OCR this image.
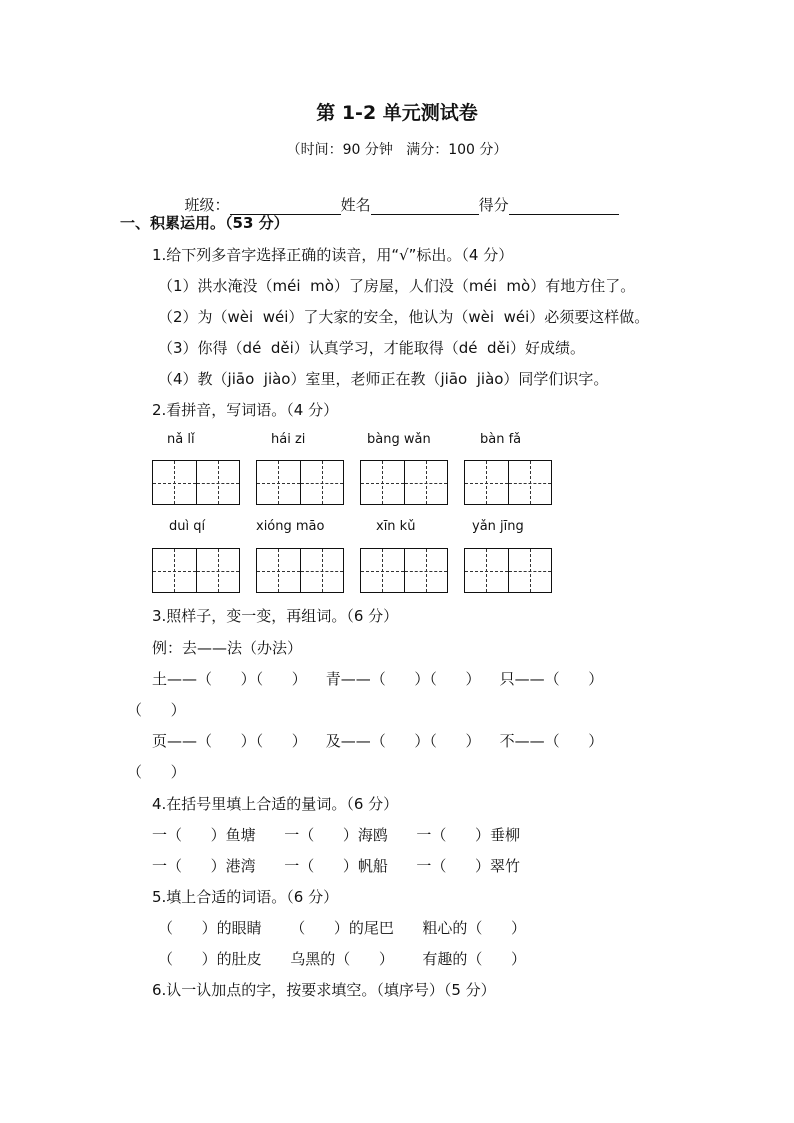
第 1-2 单元测试卷
（时间：90 分钟   满分：100 分）

班级：	姓名	得分

一、积累运用。（53 分）
1.给下列多音字选择正确的读音，用“√”标出。（4 分）
（1）洪水淹没（méi  mò）了房屋，人们没（méi  mò）有地方住了。
（2）为（wèi  wéi）了大家的安全，他认为（wèi  wéi）必须要这样做。
（3）你得（dé  děi）认真学习，才能取得（dé  děi）好成绩。
（4）教（jiāo  jiào）室里，老师正在教（jiāo  jiào）同学们识字。
2.看拼音，写词语。（4 分）
nǎ lǐ	hái zi	bàng wǎn	bàn fǎ
duì qí	xióng māo	xīn kǔ	yǎn jīng
3.照样子，变一变，再组词。（6 分）
例：去——法（办法）
土——（      ）（      ）    青——（      ）（      ）    只——（      ）
（      ）
页——（      ）（      ）    及——（      ）（      ）    不——（      ）
（      ）
4.在括号里填上合适的量词。（6 分）
一（      ）鱼塘      一（      ）海鸥      一（      ）垂柳
一（      ）港湾      一（      ）帆船      一（      ）翠竹
5.填上合适的词语。（6 分）
（      ）的眼睛      （      ）的尾巴      粗心的（      ）
（      ）的肚皮      乌黑的（      ）      有趣的（      ）
6.认一认加点的字，按要求填空。（填序号）（5 分）
